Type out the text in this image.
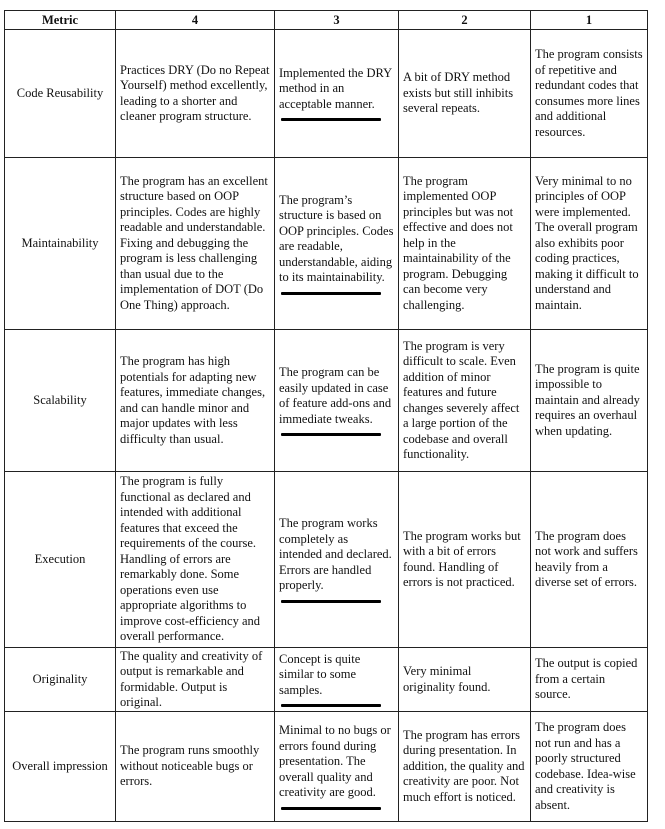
Metric	4	3	2	1
Code Reusability	Practices DRY (Do no Repeat Yourself) method excellently, leading to a shorter and cleaner program structure.	Implemented the DRY method in an acceptable manner.	A bit of DRY method exists but still inhibits several repeats.	The program consists of repetitive and redundant codes that consumes more lines and additional resources.
Maintainability	The program has an excellent structure based on OOP principles. Codes are highly readable and understandable. Fixing and debugging the program is less challenging than usual due to the implementation of DOT (Do One Thing) approach.	The program’s structure is based on OOP principles. Codes are readable, understandable, aiding to its maintainability.	The program implemented OOP principles but was not effective and does not help in the maintainability of the program. Debugging can become very challenging.	Very minimal to no principles of OOP were implemented. The overall program also exhibits poor coding practices, making it difficult to understand and maintain.
Scalability	The program has high potentials for adapting new features, immediate changes, and can handle minor and major updates with less difficulty than usual.	The program can be easily updated in case of feature add-ons and immediate tweaks.	The program is very difficult to scale. Even addition of minor features and future changes severely affect a large portion of the codebase and overall functionality.	The program is quite impossible to maintain and already requires an overhaul when updating.
Execution	The program is fully functional as declared and intended with additional features that exceed the requirements of the course. Handling of errors are remarkably done. Some operations even use appropriate algorithms to improve cost-efficiency and overall performance.	The program works completely as intended and declared. Errors are handled properly.	The program works but with a bit of errors found. Handling of errors is not practiced.	The program does not work and suffers heavily from a diverse set of errors.
Originality	The quality and creativity of output is remarkable and formidable. Output is original.	Concept is quite similar to some samples.	Very minimal originality found.	The output is copied from a certain source.
Overall impression	The program runs smoothly without noticeable bugs or errors.	Minimal to no bugs or errors found during presentation. The overall quality and creativity are good.	The program has errors during presentation. In addition, the quality and creativity are poor. Not much effort is noticed.	The program does not run and has a poorly structured codebase. Idea-wise and creativity is absent.
